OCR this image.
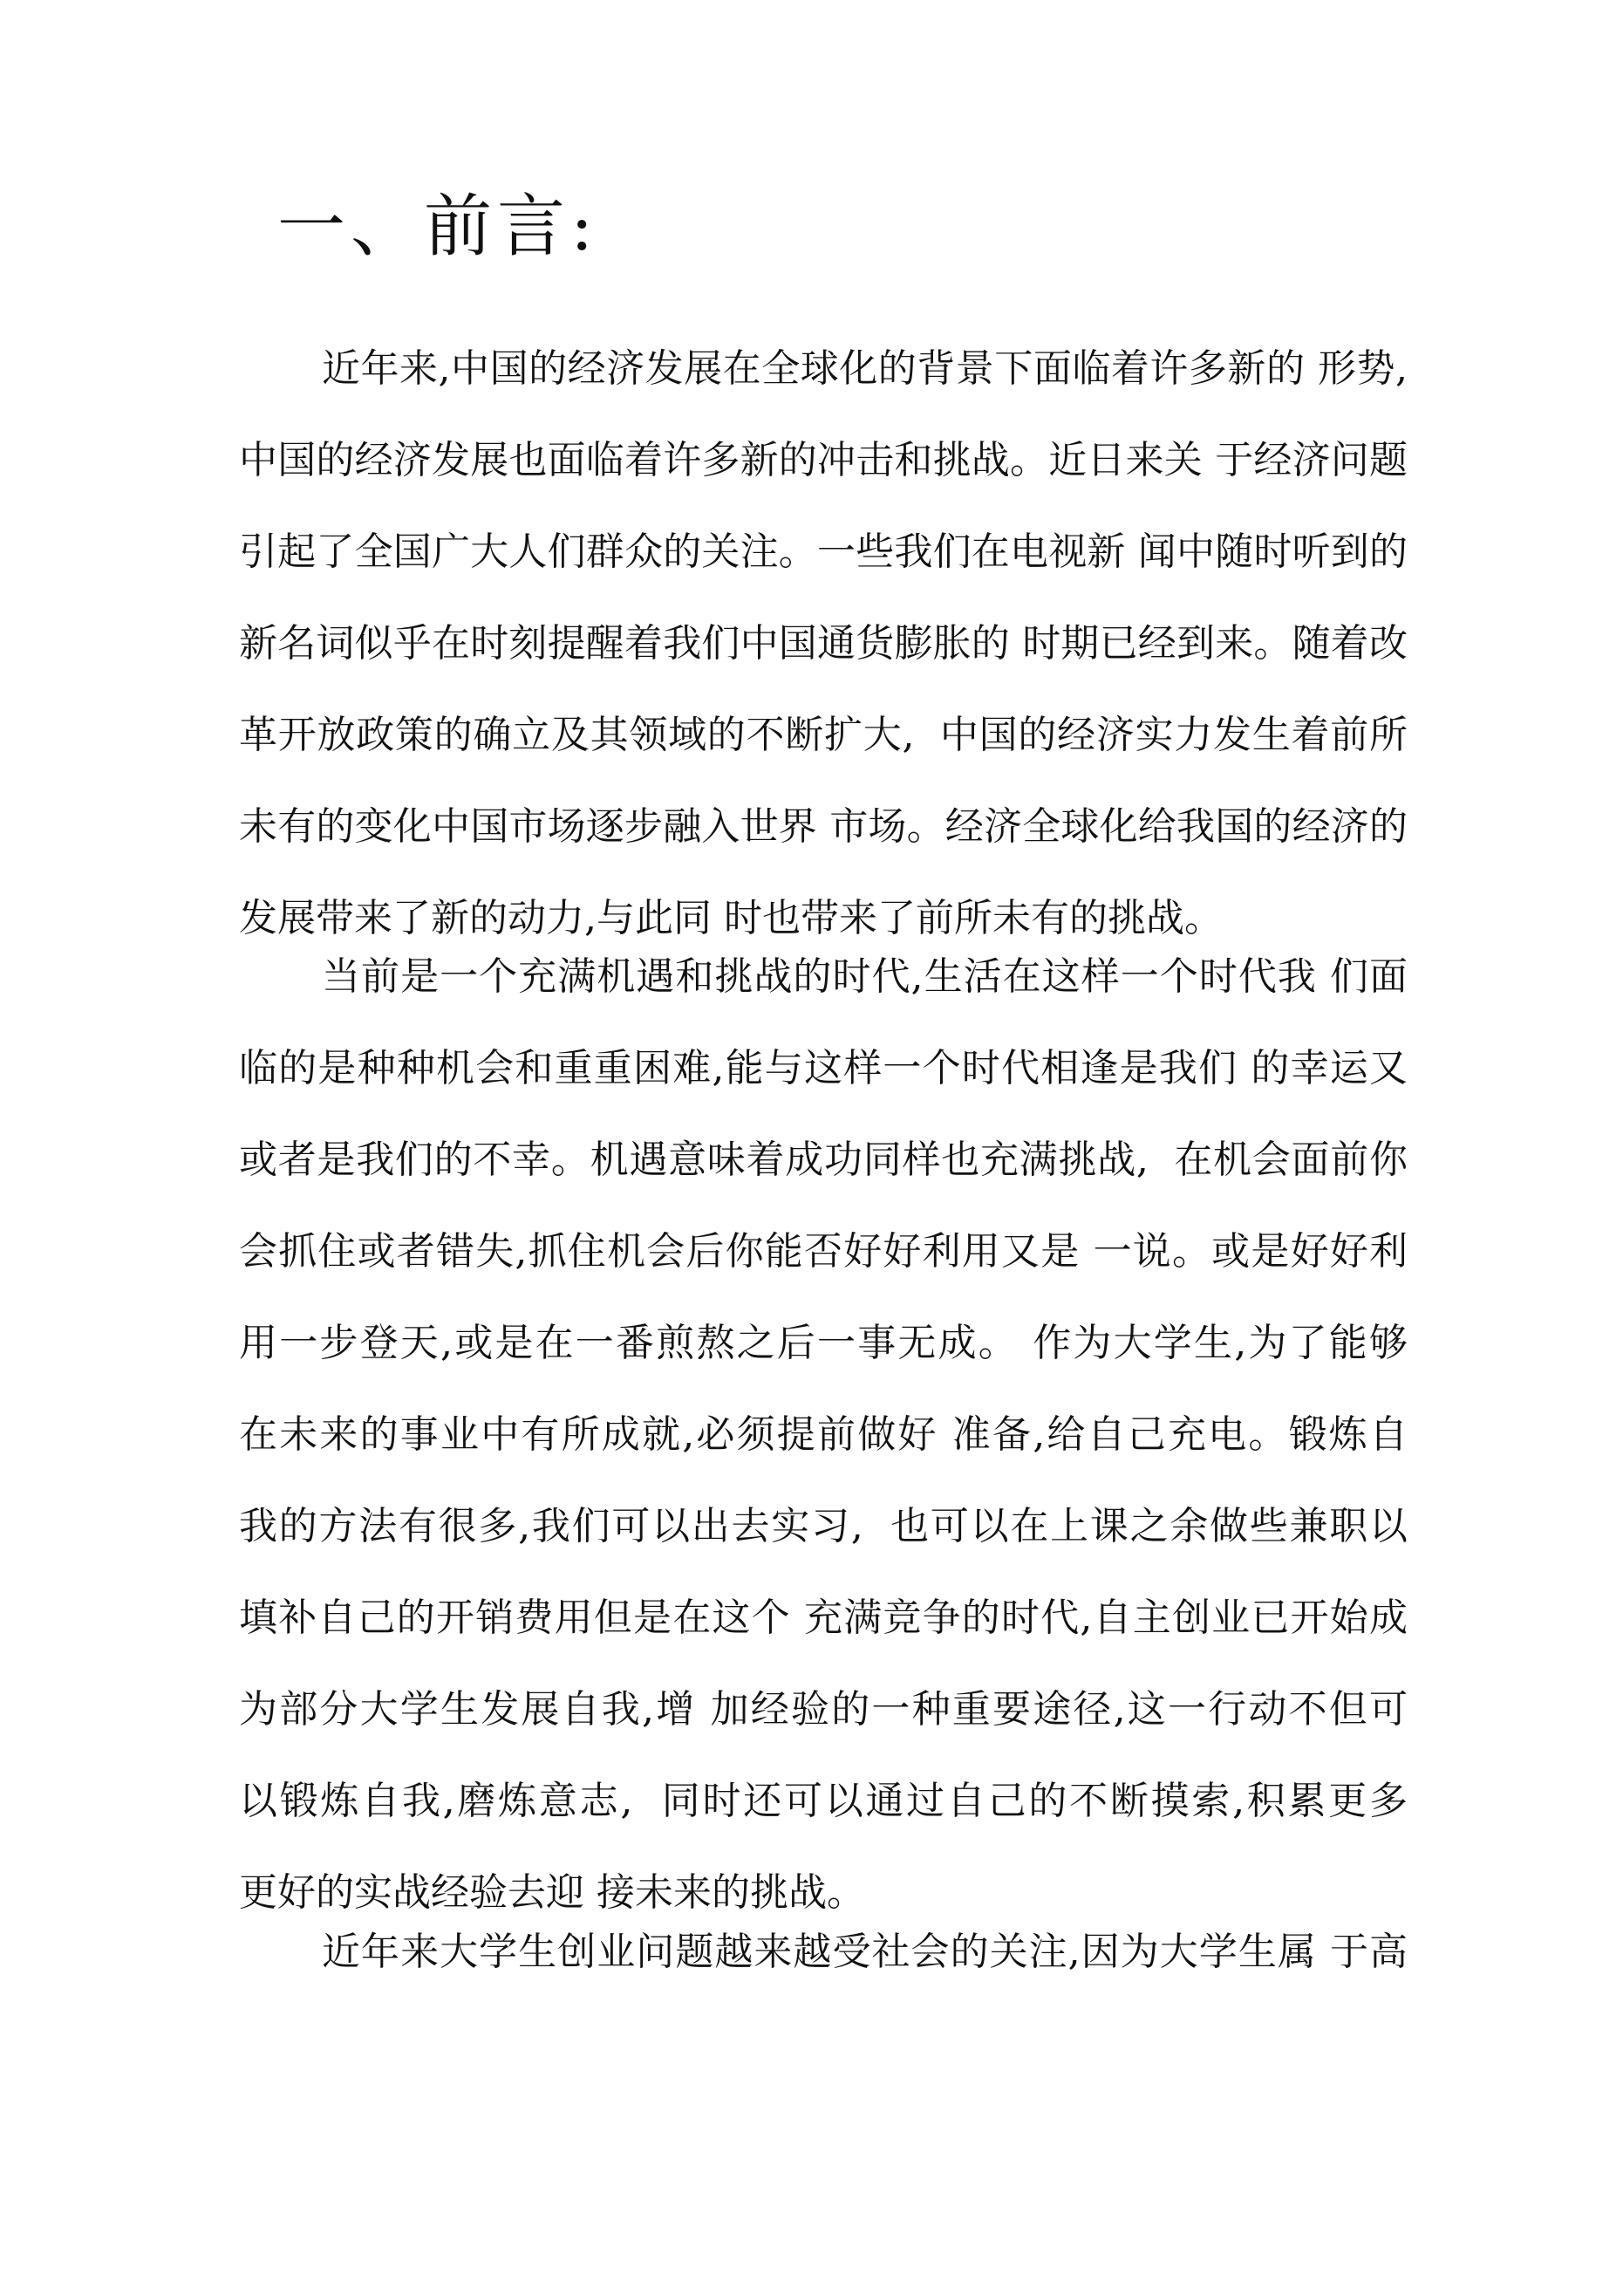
一、前言:
近年来,中国的经济发展在全球化的背景下面临着许多新的 形势,
中国的经济发展也面临着许多新的冲击和挑战。近日来关 于经济问题
引起了全国广大人们群众的关注。一些我们在电视新 闻中随时听到的
新名词似乎在时刻提醒着我们中国通货膨胀的 时期已经到来。随着改
革开放政策的确立及其领域的不断扩大,  中国的经济实力发生着前所
未有的变化中国市场逐步融入世界 市场。经济全球化给我国的经济的
发展带来了新的动力,与此同 时也带来了前所未有的挑战。
当前是一个充满机遇和挑战的时代,生活在这样一个时代我 们面
临的是种种机会和重重困难,能与这样一个时代相逢是我们 的幸运又
或者是我们的不幸。机遇意味着成功同样也充满挑战,  在机会面前你
会抓住或者错失,抓住机会后你能否好好利用又是 一说。或是好好利
用一步登天,或是在一番煎熬之后一事无成。 作为大学生,为了能够
在未来的事业中有所成就,必须提前做好 准备,给自己充电。锻炼自
我的方法有很多,我们可以出去实习,  也可以在上课之余做些兼职以
填补自己的开销费用但是在这个 充满竞争的时代,自主创业已开始成
为部分大学生发展自我,增 加经验的一种重要途径,这一行动不但可
以锻炼自我,磨炼意志,  同时还可以通过自己的不断摸索,积累更多
更好的实战经验去迎 接未来的挑战。
近年来大学生创业问题越来越受社会的关注,因为大学生属 于高
